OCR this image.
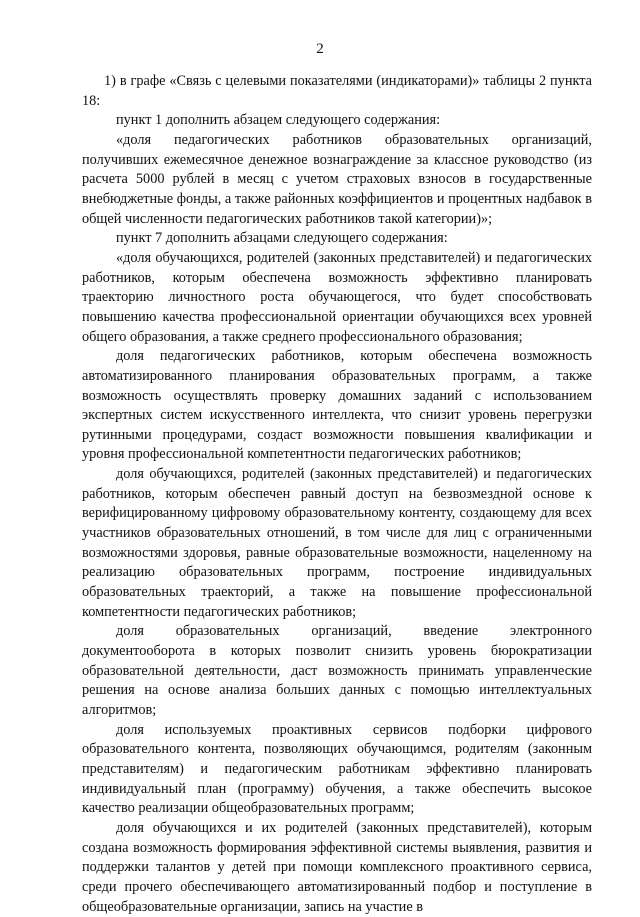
2

1) в графе «Связь с целевыми показателями (индикаторами)» таблицы 2 пункта 18:

пункт 1 дополнить абзацем следующего содержания:

«доля педагогических работников образовательных организаций, получивших ежемесячное денежное вознаграждение за классное руководство (из расчета 5000 рублей в месяц с учетом страховых взносов в государственные внебюджетные фонды, а также районных коэффициентов и процентных надбавок в общей численности педагогических работников такой категории)»;

пункт 7 дополнить абзацами следующего содержания:

«доля обучающихся, родителей (законных представителей) и педагогических работников, которым обеспечена возможность эффективно планировать траекторию личностного роста обучающегося, что будет способствовать повышению качества профессиональной ориентации обучающихся всех уровней общего образования, а также среднего профессионального образования;

доля педагогических работников, которым обеспечена возможность автоматизированного планирования образовательных программ, а также возможность осуществлять проверку домашних заданий с использованием экспертных систем искусственного интеллекта, что снизит уровень перегрузки рутинными процедурами, создаст возможности повышения квалификации и уровня профессиональной компетентности педагогических работников;

доля обучающихся, родителей (законных представителей) и педагогических работников, которым обеспечен равный доступ на безвозмездной основе к верифицированному цифровому образовательному контенту, создающему для всех участников образовательных отношений, в том числе для лиц с ограниченными возможностями здоровья, равные образовательные возможности, нацеленному на реализацию образовательных программ, построение индивидуальных образовательных траекторий, а также на повышение профессиональной компетентности педагогических работников;

доля образовательных организаций, введение электронного документооборота в которых позволит снизить уровень бюрократизации образовательной деятельности, даст возможность принимать управленческие решения на основе анализа больших данных с помощью интеллектуальных алгоритмов;

доля используемых проактивных сервисов подборки цифрового образовательного контента, позволяющих обучающимся, родителям (законным представителям) и педагогическим работникам эффективно планировать индивидуальный план (программу) обучения, а также обеспечить высокое качество реализации общеобразовательных программ;

доля обучающихся и их родителей (законных представителей), которым создана возможность формирования эффективной системы выявления, развития и поддержки талантов у детей при помощи комплексного проактивного сервиса, среди прочего обеспечивающего автоматизированный подбор и поступление в общеобразовательные организации, запись на участие в
